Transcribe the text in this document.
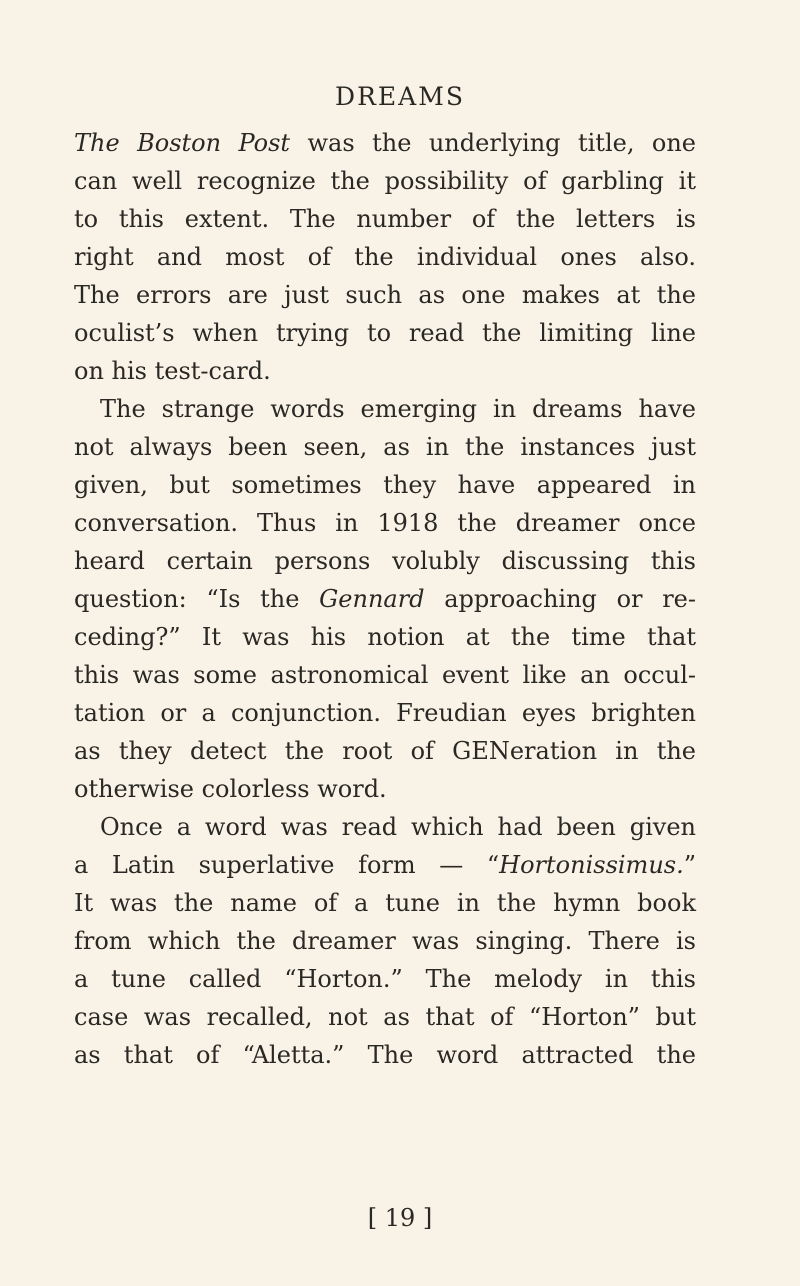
DREAMS
The Boston Post was the underlying title, one
can well recognize the possibility of garbling it
to this extent. The number of the letters is
right and most of the individual ones also.
The errors are just such as one makes at the
oculist’s when trying to read the limiting line
on his test-card.
The strange words emerging in dreams have
not always been seen, as in the instances just
given, but sometimes they have appeared in
conversation. Thus in 1918 the dreamer once
heard certain persons volubly discussing this
question: “Is the Gennard approaching or re-
ceding?” It was his notion at the time that
this was some astronomical event like an occul-
tation or a conjunction. Freudian eyes brighten
as they detect the root of GENeration in the
otherwise colorless word.
Once a word was read which had been given
a Latin superlative form — “Hortonissimus.”
It was the name of a tune in the hymn book
from which the dreamer was singing. There is
a tune called “Horton.” The melody in this
case was recalled, not as that of “Horton” but
as that of “Aletta.” The word attracted the
[ 19 ]
